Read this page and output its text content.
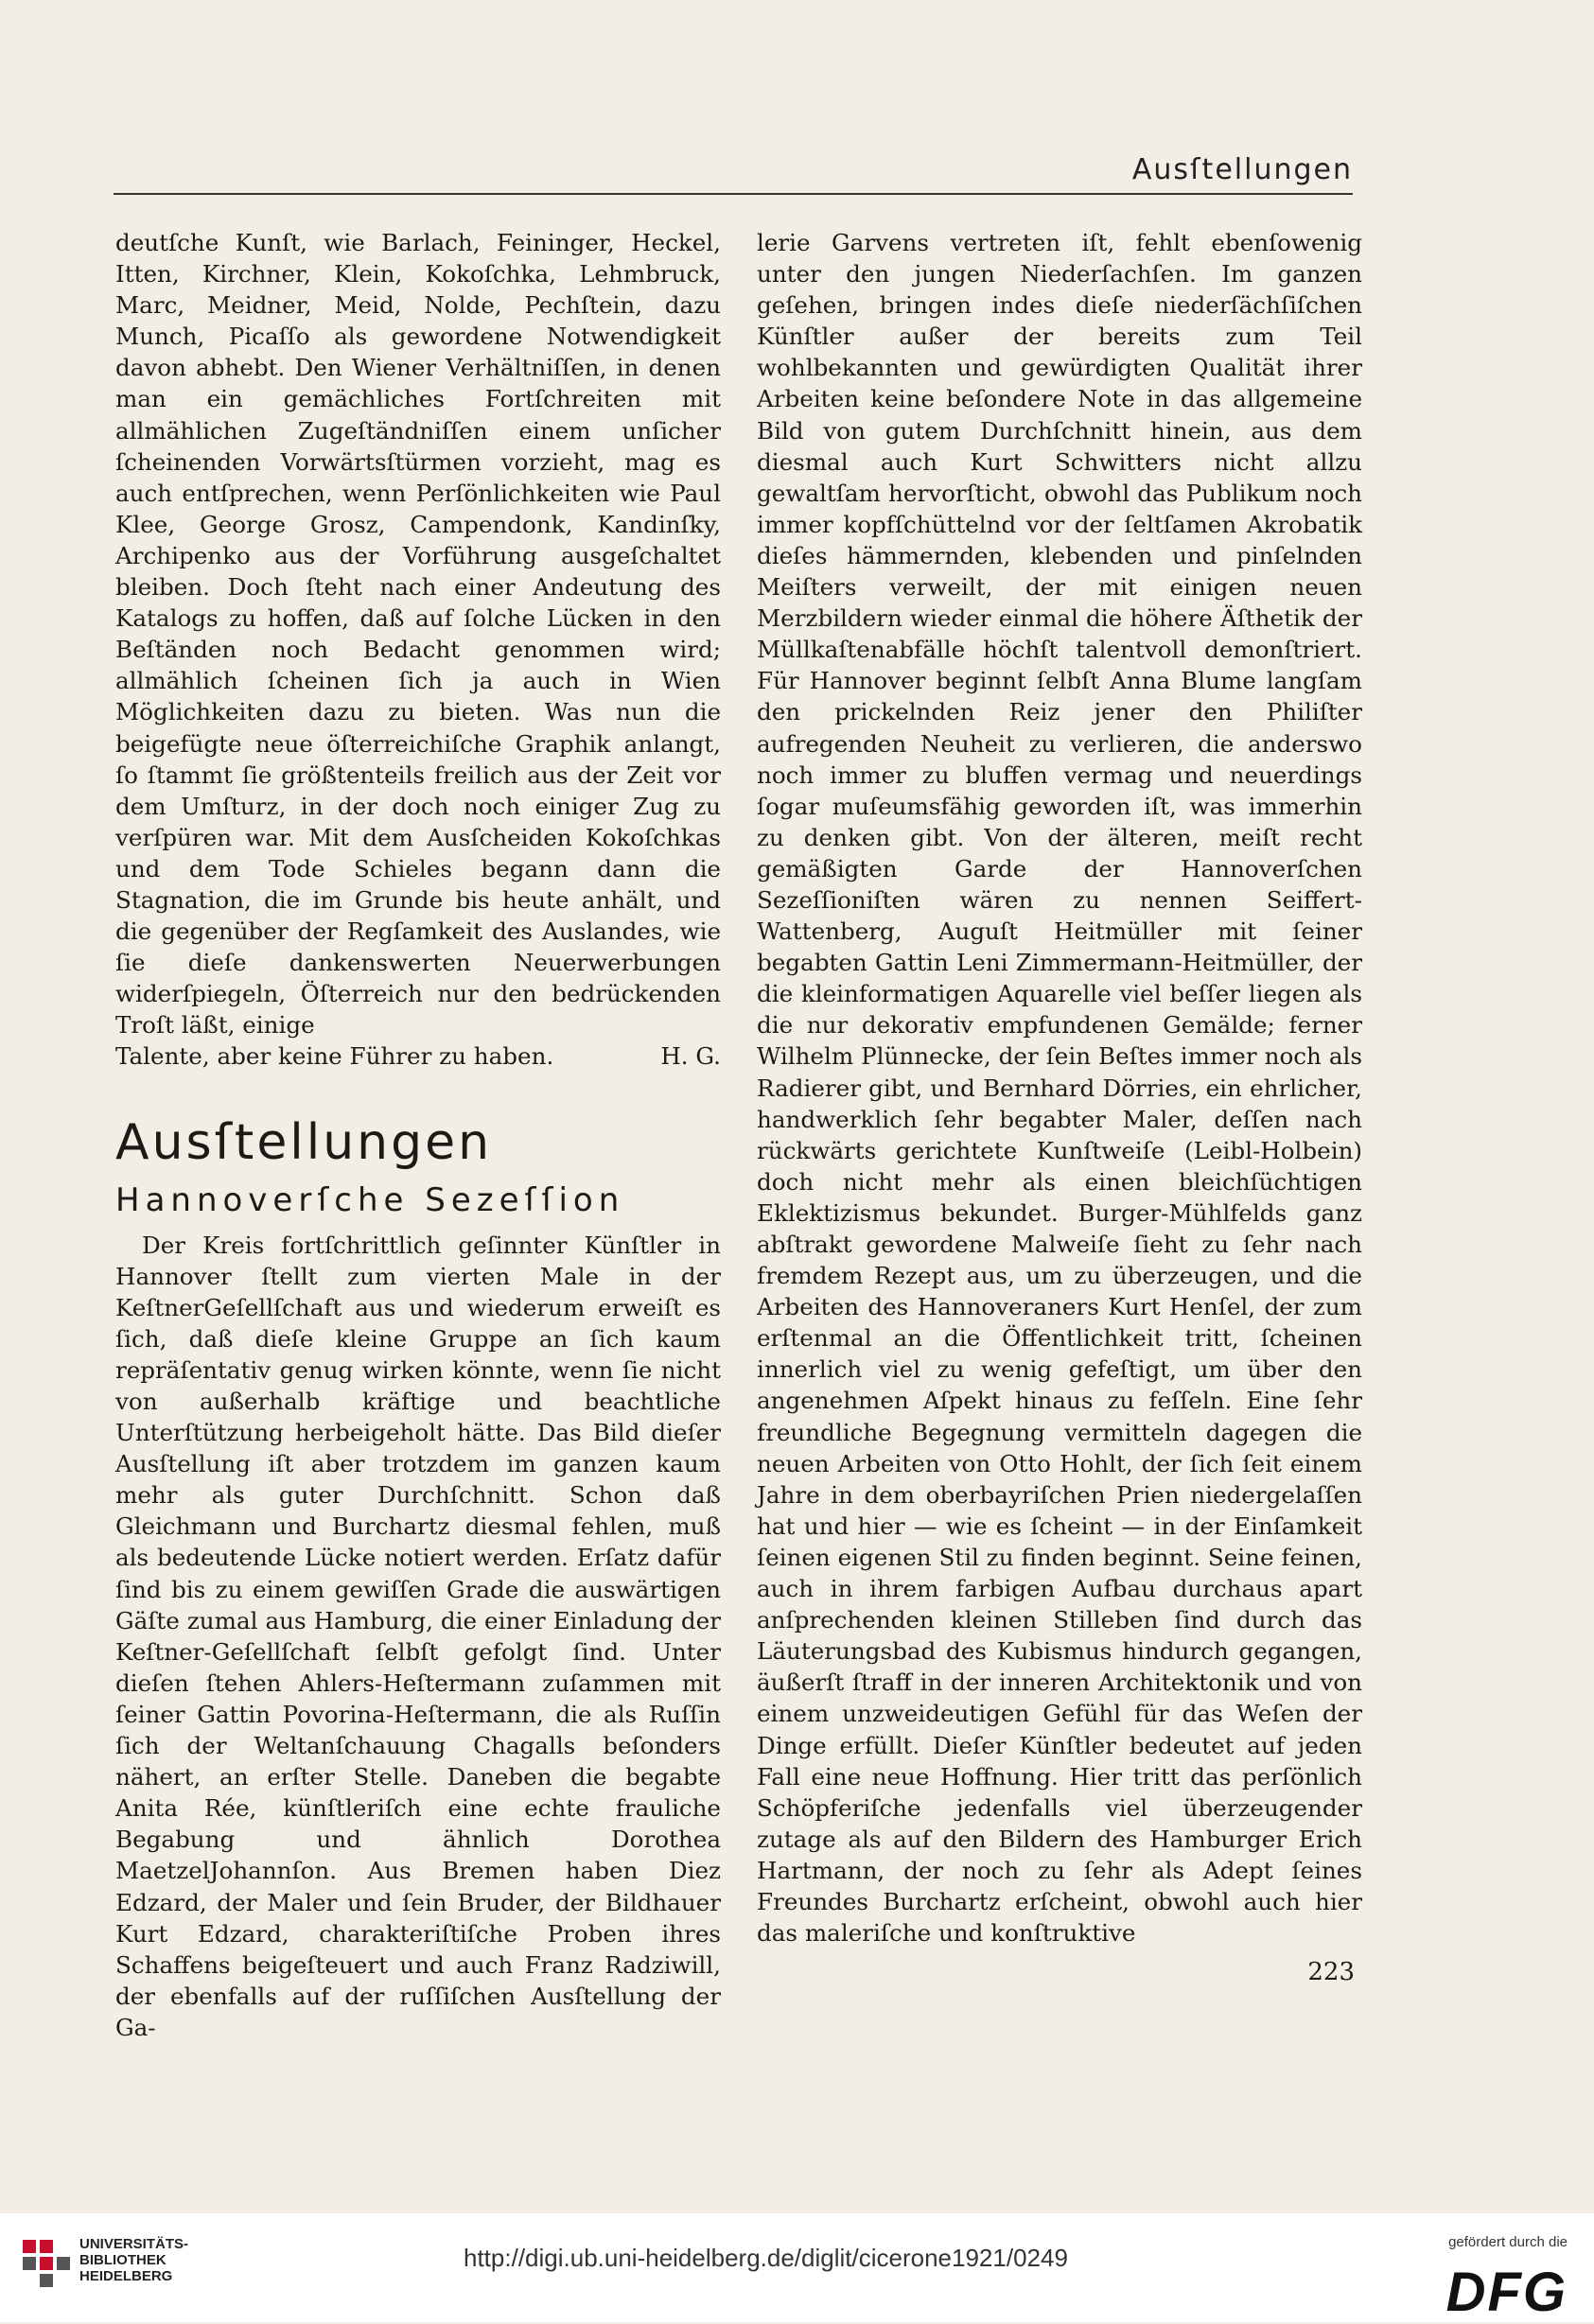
Ausſtellungen

deutſche Kunſt, wie Barlach, Feininger, Heckel, Itten, Kirchner, Klein, Kokoſchka, Lehmbruck, Marc, Meidner, Meid, Nolde, Pechſtein, dazu Munch, Picaſſo als gewordene Notwendigkeit davon abhebt. Den Wiener Verhältniſſen, in denen man ein gemächliches Fortſchreiten mit allmählichen Zugeſtändniſſen einem unſicher ſcheinenden Vorwärtsſtürmen vorzieht, mag es auch entſprechen, wenn Perſönlichkeiten wie Paul Klee, George Grosz, Campendonk, Kandinſky, Archipenko aus der Vorführung ausgeſchaltet bleiben. Doch ſteht nach einer Andeutung des Katalogs zu hoffen, daß auf ſolche Lücken in den Beſtänden noch Bedacht genommen wird; allmählich ſcheinen ſich ja auch in Wien Möglichkeiten dazu zu bieten. Was nun die beigefügte neue öſterreichiſche Graphik anlangt, ſo ſtammt ſie größtenteils freilich aus der Zeit vor dem Umſturz, in der doch noch einiger Zug zu verſpüren war. Mit dem Ausſcheiden Kokoſchkas und dem Tode Schieles begann dann die Stagnation, die im Grunde bis heute anhält, und die gegenüber der Regſamkeit des Auslandes, wie ſie dieſe dankenswerten Neuerwerbungen widerſpiegeln, Öſterreich nur den bedrückenden Troſt läßt, einige

Talente, aber keine Führer zu haben.	H. G.
Ausſtellungen
Hannoverſche Sezeſſion

Der Kreis fortſchrittlich geſinnter Künſtler in Hannover ſtellt zum vierten Male in der KeſtnerGeſellſchaft aus und wiederum erweiſt es ſich, daß dieſe kleine Gruppe an ſich kaum repräſentativ genug wirken könnte, wenn ſie nicht von außerhalb kräftige und beachtliche Unterſtützung herbeigeholt hätte. Das Bild dieſer Ausſtellung iſt aber trotzdem im ganzen kaum mehr als guter Durchſchnitt. Schon daß Gleichmann und Burchartz diesmal fehlen, muß als bedeutende Lücke notiert werden. Erſatz dafür ſind bis zu einem gewiſſen Grade die auswärtigen Gäſte zumal aus Hamburg, die einer Einladung der Keſtner-Geſellſchaft ſelbſt gefolgt ſind. Unter dieſen ſtehen Ahlers-Heſtermann zuſammen mit ſeiner Gattin Povorina-Heſtermann, die als Ruſſin ſich der Weltanſchauung Chagalls beſonders nähert, an erſter Stelle. Daneben die begabte Anita Rée, künſtleriſch eine echte frauliche Begabung und ähnlich Dorothea MaetzelJohannſon. Aus Bremen haben Diez Edzard, der Maler und ſein Bruder, der Bildhauer Kurt Edzard, charakteriſtiſche Proben ihres Schaffens beigeſteuert und auch Franz Radziwill, der ebenfalls auf der ruſſiſchen Ausſtellung der Ga-

lerie Garvens vertreten iſt, fehlt ebenſowenig unter den jungen Niederſachſen. Im ganzen geſehen, bringen indes dieſe niederſächſiſchen Künſtler außer der bereits zum Teil wohlbekannten und gewürdigten Qualität ihrer Arbeiten keine beſondere Note in das allgemeine Bild von gutem Durchſchnitt hinein, aus dem diesmal auch Kurt Schwitters nicht allzu gewaltſam hervorſticht, obwohl das Publikum noch immer kopfſchüttelnd vor der ſeltſamen Akrobatik dieſes hämmernden, klebenden und pinſelnden Meiſters verweilt, der mit einigen neuen Merzbildern wieder einmal die höhere Äſthetik der Müllkaſtenabfälle höchſt talentvoll demonſtriert. Für Hannover beginnt ſelbſt Anna Blume langſam den prickelnden Reiz jener den Philiſter aufregenden Neuheit zu verlieren, die anderswo noch immer zu bluffen vermag und neuerdings ſogar muſeumsfähig geworden iſt, was immerhin zu denken gibt. Von der älteren, meiſt recht gemäßigten Garde der Hannoverſchen Sezeſſioniſten wären zu nennen Seiffert-Wattenberg, Auguſt Heitmüller mit ſeiner begabten Gattin Leni Zimmermann-Heitmüller, der die kleinformatigen Aquarelle viel beſſer liegen als die nur dekorativ empfundenen Gemälde; ferner Wilhelm Plünnecke, der ſein Beſtes immer noch als Radierer gibt, und Bernhard Dörries, ein ehrlicher, handwerklich ſehr begabter Maler, deſſen nach rückwärts gerichtete Kunſtweiſe (Leibl-Holbein) doch nicht mehr als einen bleichſüchtigen Eklektizismus bekundet. Burger-Mühlfelds ganz abſtrakt gewordene Malweiſe ſieht zu ſehr nach fremdem Rezept aus, um zu überzeugen, und die Arbeiten des Hannoveraners Kurt Henſel, der zum erſtenmal an die Öffentlichkeit tritt, ſcheinen innerlich viel zu wenig gefeſtigt, um über den angenehmen Aſpekt hinaus zu feſſeln. Eine ſehr freundliche Begegnung vermitteln dagegen die neuen Arbeiten von Otto Hohlt, der ſich ſeit einem Jahre in dem oberbayriſchen Prien niedergelaſſen hat und hier — wie es ſcheint — in der Einſamkeit ſeinen eigenen Stil zu finden beginnt. Seine feinen, auch in ihrem farbigen Aufbau durchaus apart anſprechenden kleinen Stilleben ſind durch das Läuterungsbad des Kubismus hindurch gegangen, äußerſt ſtraff in der inneren Architektonik und von einem unzweideutigen Gefühl für das Weſen der Dinge erfüllt. Dieſer Künſtler bedeutet auf jeden Fall eine neue Hoffnung. Hier tritt das perſönlich Schöpferiſche jedenfalls viel überzeugender zutage als auf den Bildern des Hamburger Erich Hartmann, der noch zu ſehr als Adept ſeines Freundes Burchartz erſcheint, obwohl auch hier das maleriſche und konſtruktive

223
UNIVERSITÄTS-
BIBLIOTHEK
HEIDELBERG
http://digi.ub.uni-heidelberg.de/diglit/cicerone1921/0249
gefördert durch die
DFG
